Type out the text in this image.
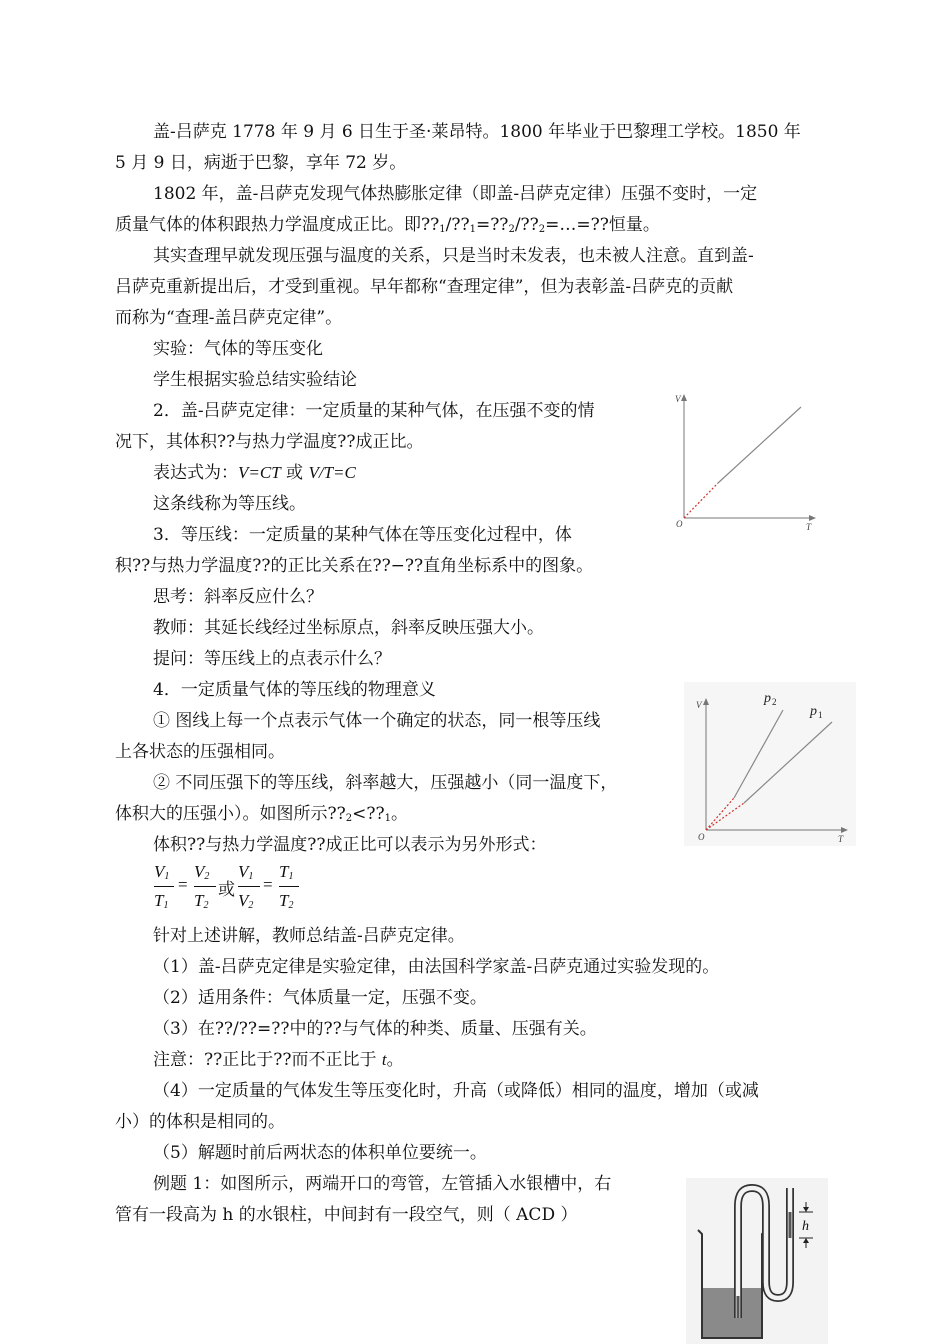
盖-吕萨克 1778 年 9 月 6 日生于圣·莱昂特。1800 年毕业于巴黎理工学校。1850 年
5 月 9 日，病逝于巴黎，享年 72 岁。
1802 年，盖-吕萨克发现气体热膨胀定律（即盖-吕萨克定律）压强不变时，一定
质量气体的体积跟热力学温度成正比。即$??_1/??_1=??_2/??_2=\dots=$??恒量。
其实查理早就发现压强与温度的关系，只是当时未发表，也未被人注意。直到盖-
吕萨克重新提出后，才受到重视。早年都称“查理定律”，但为表彰盖-吕萨克的贡献
而称为“查理-盖吕萨克定律”。
实验：气体的等压变化
学生根据实验总结实验结论
2．盖-吕萨克定律：一定质量的某种气体，在压强不变的情
况下，其体积??与热力学温度??成正比。
表达式为：V=CT 或 V/T=C
这条线称为等压线。
3．等压线：一定质量的某种气体在等压变化过程中，体
积??与热力学温度??的正比关系在??−??直角坐标系中的图象。
思考：斜率反应什么？
教师：其延长线经过坐标原点，斜率反映压强大小。
提问：等压线上的点表示什么？
4．一定质量气体的等压线的物理意义
① 图线上每一个点表示气体一个确定的状态，同一根等压线
上各状态的压强相同。
② 不同压强下的等压线，斜率越大，压强越小（同一温度下，
体积大的压强小）。如图所示$??_2<??_1$。
体积??与热力学温度??成正比可以表示为另外形式：
$V_1$
$T_1$
=
$V_2$
$T_2$
或
$V_1$
$V_2$
=
$T_1$
$T_2$
针对上述讲解，教师总结盖-吕萨克定律。
（1）盖-吕萨克定律是实验定律，由法国科学家盖-吕萨克通过实验发现的。
（2）适用条件：气体质量一定，压强不变。
（3）在??/??=??中的??与气体的种类、质量、压强有关。
注意：??正比于??而不正比于 t。
（4）一定质量的气体发生等压变化时，升高（或降低）相同的温度，增加（或减
小）的体积是相同的。
（5）解题时前后两状态的体积单位要统一。
例题 1：如图所示，两端开口的弯管，左管插入水银槽中，右
管有一段高为 h 的水银柱，中间封有一段空气，则（ ACD ）
V
T
O
V
T
O
p 2
p 1
h
